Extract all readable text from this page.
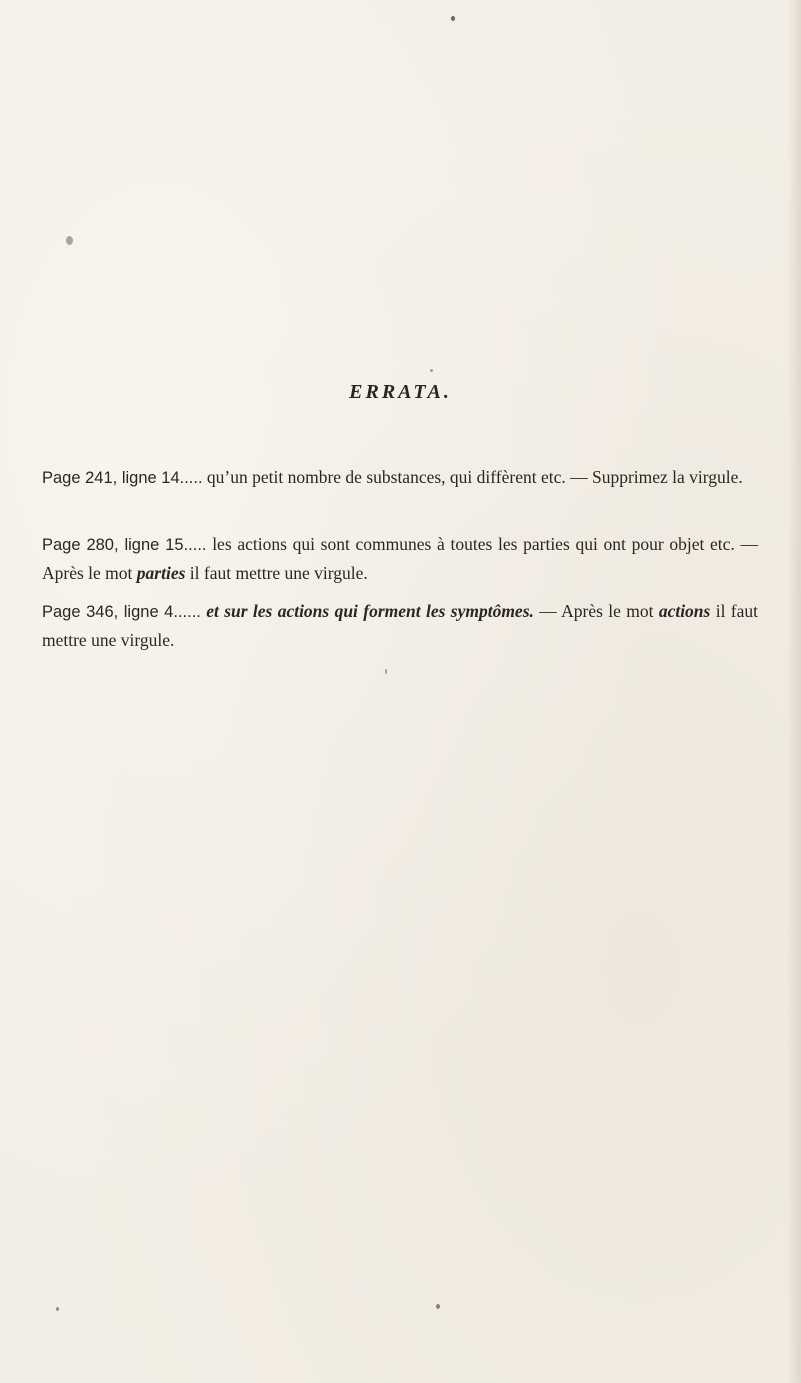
ERRATA.

Page 241, ligne 14..... qu’un petit nombre de substances, qui diffèrent etc. — Supprimez la virgule.

Page 280, ligne 15..... les actions qui sont communes à toutes les parties qui ont pour objet etc. — Après le mot parties il faut mettre une virgule.

Page 346, ligne 4...... et sur les actions qui forment les symptômes. — Après le mot actions il faut mettre une virgule.
